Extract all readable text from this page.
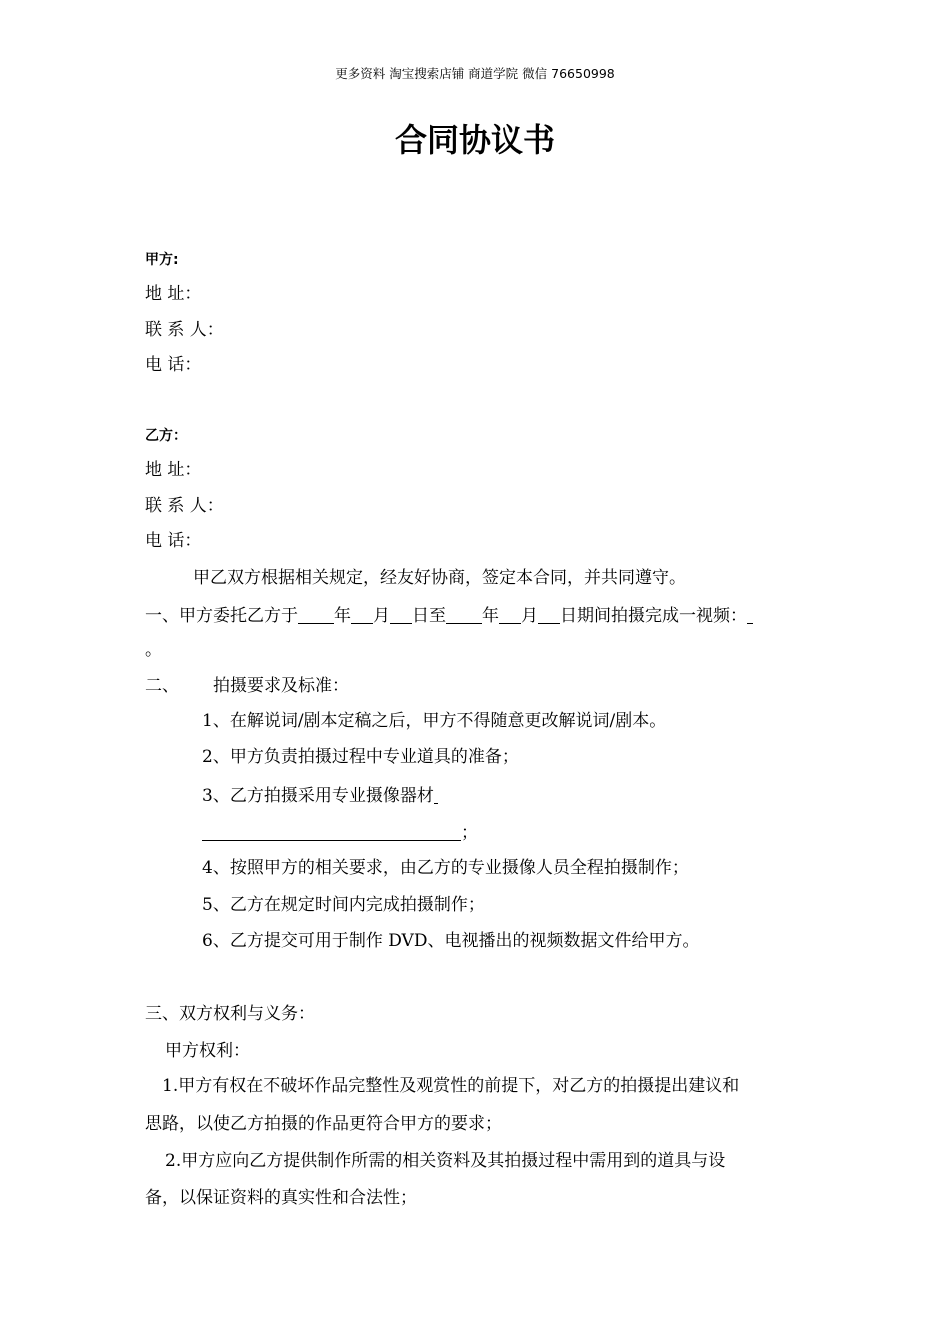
更多资料 淘宝搜索店铺 商道学院 微信 76650998
合同协议书
甲方:
地 址：
联 系 人：
电 话：
乙方：
地 址：
联 系 人：
电 话：
甲乙双方根据相关规定，经友好协商，签定本合同，并共同遵守。
一、甲方委托乙方于 年 月 日至 年 月 日期间拍摄完成一视频：
。
二、 拍摄要求及标准：
1、在解说词/剧本定稿之后，甲方不得随意更改解说词/剧本。
2、甲方负责拍摄过程中专业道具的准备；
3、乙方拍摄采用专业摄像器材
；
4、按照甲方的相关要求，由乙方的专业摄像人员全程拍摄制作；
5、乙方在规定时间内完成拍摄制作；
6、乙方提交可用于制作 DVD、电视播出的视频数据文件给甲方。
三、双方权利与义务：
甲方权利：
1.甲方有权在不破坏作品完整性及观赏性的前提下，对乙方的拍摄提出建议和
思路，以使乙方拍摄的作品更符合甲方的要求；
2.甲方应向乙方提供制作所需的相关资料及其拍摄过程中需用到的道具与设
备，以保证资料的真实性和合法性；
